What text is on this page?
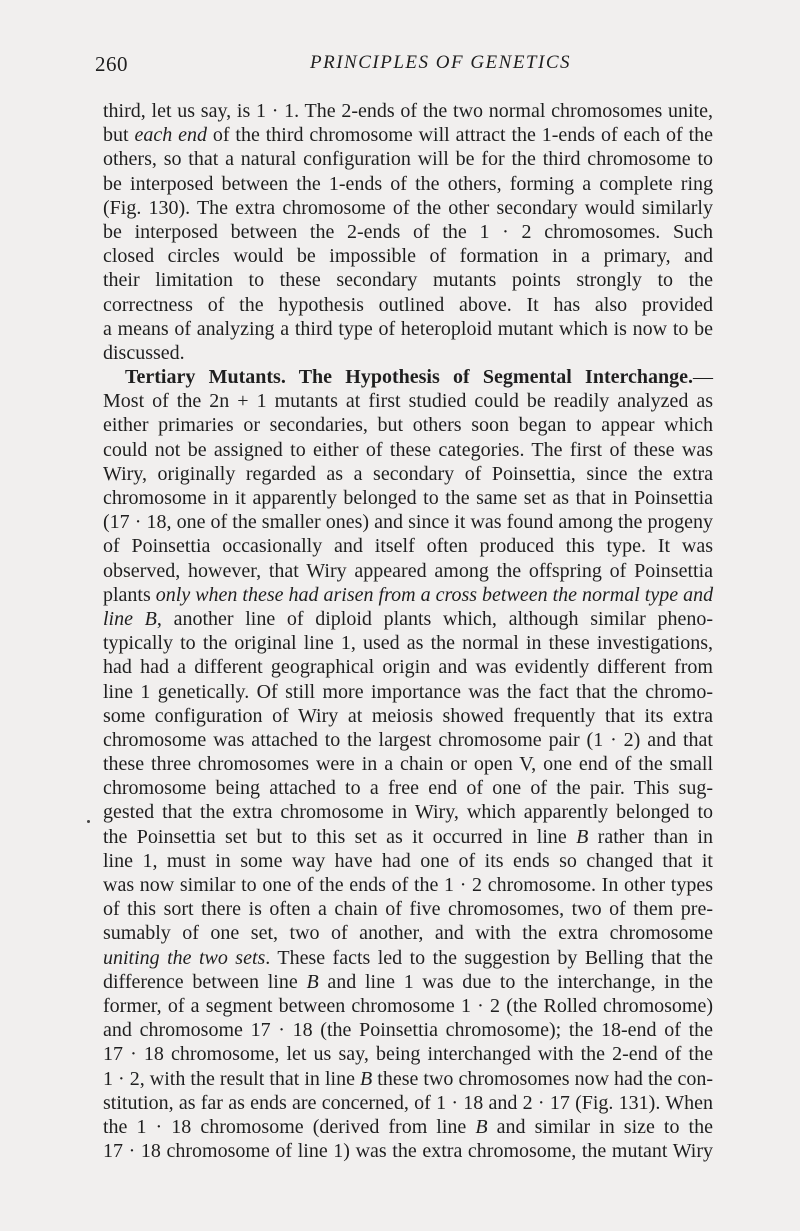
260	PRINCIPLES OF GENETICS
third, let us say, is 1 · 1. The 2-ends of the two normal chromosomes unite,
but each end of the third chromosome will attract the 1-ends of each of the
others, so that a natural configuration will be for the third chromosome to
be interposed between the 1-ends of the others, forming a complete ring
(Fig. 130). The extra chromosome of the other secondary would similarly
be interposed between the 2-ends of the 1 · 2 chromosomes. Such
closed circles would be impossible of formation in a primary, and
their limitation to these secondary mutants points strongly to the
correctness of the hypothesis outlined above. It has also provided
a means of analyzing a third type of heteroploid mutant which is now to be
discussed.
Tertiary Mutants. The Hypothesis of Segmental Interchange.—
Most of the 2n + 1 mutants at first studied could be readily analyzed as
either primaries or secondaries, but others soon began to appear which
could not be assigned to either of these categories. The first of these was
Wiry, originally regarded as a secondary of Poinsettia, since the extra
chromosome in it apparently belonged to the same set as that in Poinsettia
(17 · 18, one of the smaller ones) and since it was found among the progeny
of Poinsettia occasionally and itself often produced this type. It was
observed, however, that Wiry appeared among the offspring of Poinsettia
plants only when these had arisen from a cross between the normal type and
line B, another line of diploid plants which, although similar pheno-
typically to the original line 1, used as the normal in these investigations,
had had a different geographical origin and was evidently different from
line 1 genetically. Of still more importance was the fact that the chromo-
some configuration of Wiry at meiosis showed frequently that its extra
chromosome was attached to the largest chromosome pair (1 · 2) and that
these three chromosomes were in a chain or open V, one end of the small
chromosome being attached to a free end of one of the pair. This sug-
gested that the extra chromosome in Wiry, which apparently belonged to
the Poinsettia set but to this set as it occurred in line B rather than in
line 1, must in some way have had one of its ends so changed that it
was now similar to one of the ends of the 1 · 2 chromosome. In other types
of this sort there is often a chain of five chromosomes, two of them pre-
sumably of one set, two of another, and with the extra chromosome
uniting the two sets. These facts led to the suggestion by Belling that the
difference between line B and line 1 was due to the interchange, in the
former, of a segment between chromosome 1 · 2 (the Rolled chromosome)
and chromosome 17 · 18 (the Poinsettia chromosome); the 18-end of the
17 · 18 chromosome, let us say, being interchanged with the 2-end of the
1 · 2, with the result that in line B these two chromosomes now had the con-
stitution, as far as ends are concerned, of 1 · 18 and 2 · 17 (Fig. 131). When
the 1 · 18 chromosome (derived from line B and similar in size to the
17 · 18 chromosome of line 1) was the extra chromosome, the mutant Wiry
